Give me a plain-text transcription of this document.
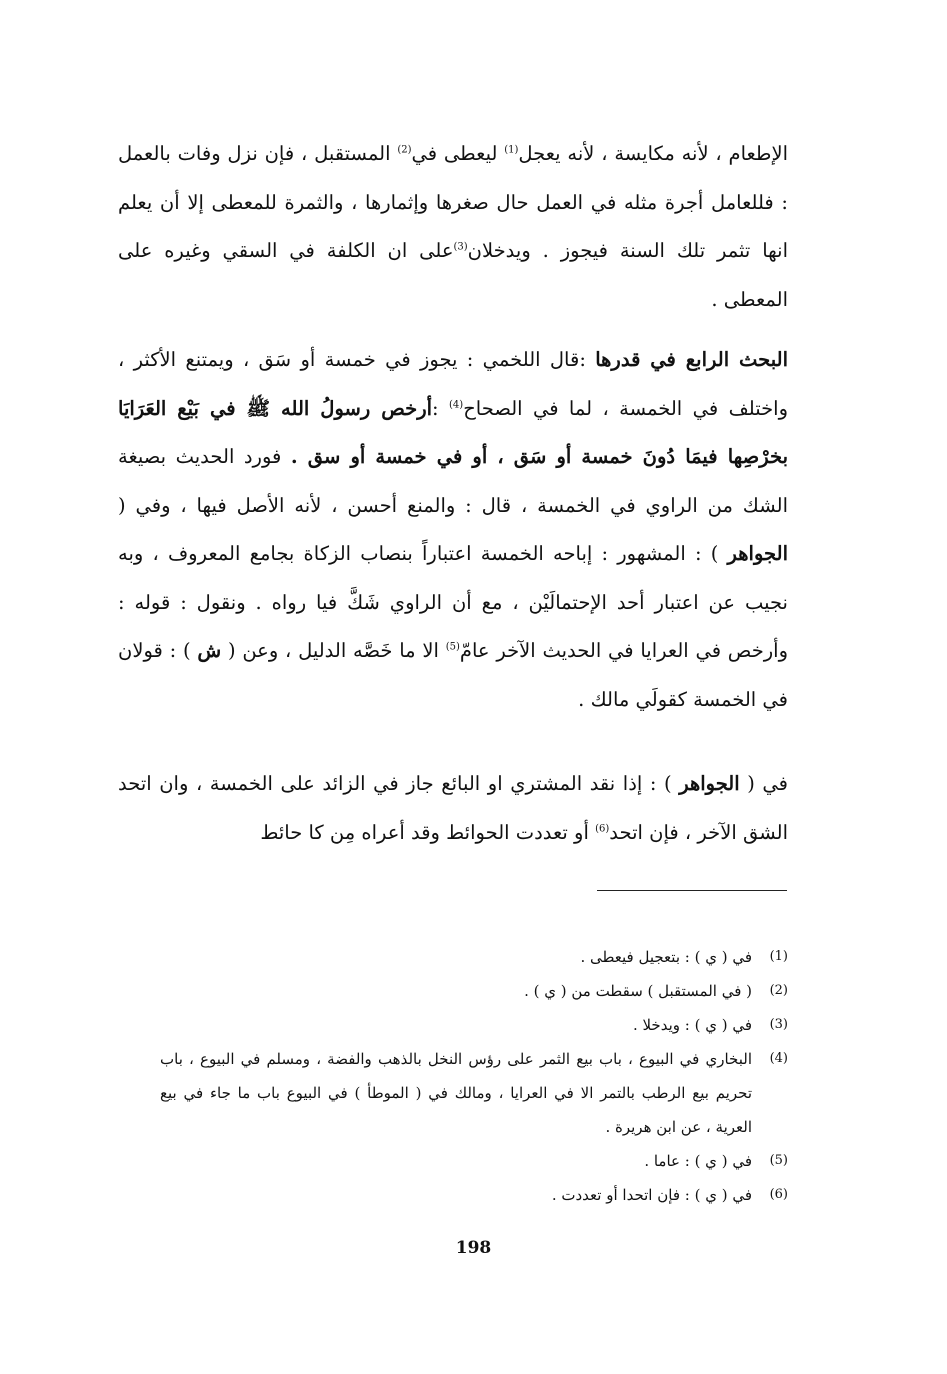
الإطعام ، لأنه مكايسة ، لأنه يعجل$^{(1)}$ ليعطى في$^{(2)}$ المستقبل ، فإن نزل وفات بالعمل : فللعامل أجرة مثله في العمل حال صغرها وإثمارها ، والثمرة للمعطى إلا أن يعلم انها تثمر تلك السنة فيجوز . ويدخلان$^{(3)}$على ان الكلفة في السقي وغيره على المعطى .

البحث الرابع في قدرها :قال اللخمي : يجوز في خمسة أو سَق ، ويمتنع الأكثر ، واختلف في الخمسة ، لما في الصحاح$^{(4)}$ :أرخص رسولُ الله ﷺ في بَيْع العَرَايَا بخرْصِها فيمَا دُونَ خمسة أو سَق ، أو في خمسة أو سق . فورد الحديث بصيغة الشك من الراوي في الخمسة ، قال : والمنع أحسن ، لأنه الأصل فيها ، وفي ( الجواهر ) : المشهور : إباحه الخمسة اعتباراً بنصاب الزكاة بجامع المعروف ، وبه نجيب عن اعتبار أحد الإحتمالَيْن ، مع أن الراوي شَكَّ فيا رواه . ونقول : قوله : وأرخص في العرايا في الحديث الآخر عامّ$^{(5)}$ الا ما خَصَّه الدليل ، وعن ( ش ) : قولان في الخمسة كقولَي مالك .

في ( الجواهر ) : إذا نقد المشتري او البائع جاز في الزائد على الخمسة ، وان اتحد الشق الآخر ، فإن اتحد$^{(6)}$ أو تعددت الحوائط وقد أعراه مِن كا حائط

(1)
في ( ي ) : بتعجيل فيعطى .
(2)
( في المستقبل ) سقطت من ( ي ) .
(3)
في ( ي ) : ويدخلا .
(4)
البخاري في البيوع ، باب بيع الثمر على رؤس النخل بالذهب والفضة ، ومسلم في البيوع ، باب تحريم بيع الرطب بالتمر الا في العرايا ، ومالك في ( الموطأ ) في البيوع باب ما جاء في بيع العرية ، عن ابن هريرة .
(5)
في ( ي ) : عاما .
(6)
في ( ي ) : فإن اتحدا أو تعددت .
198
